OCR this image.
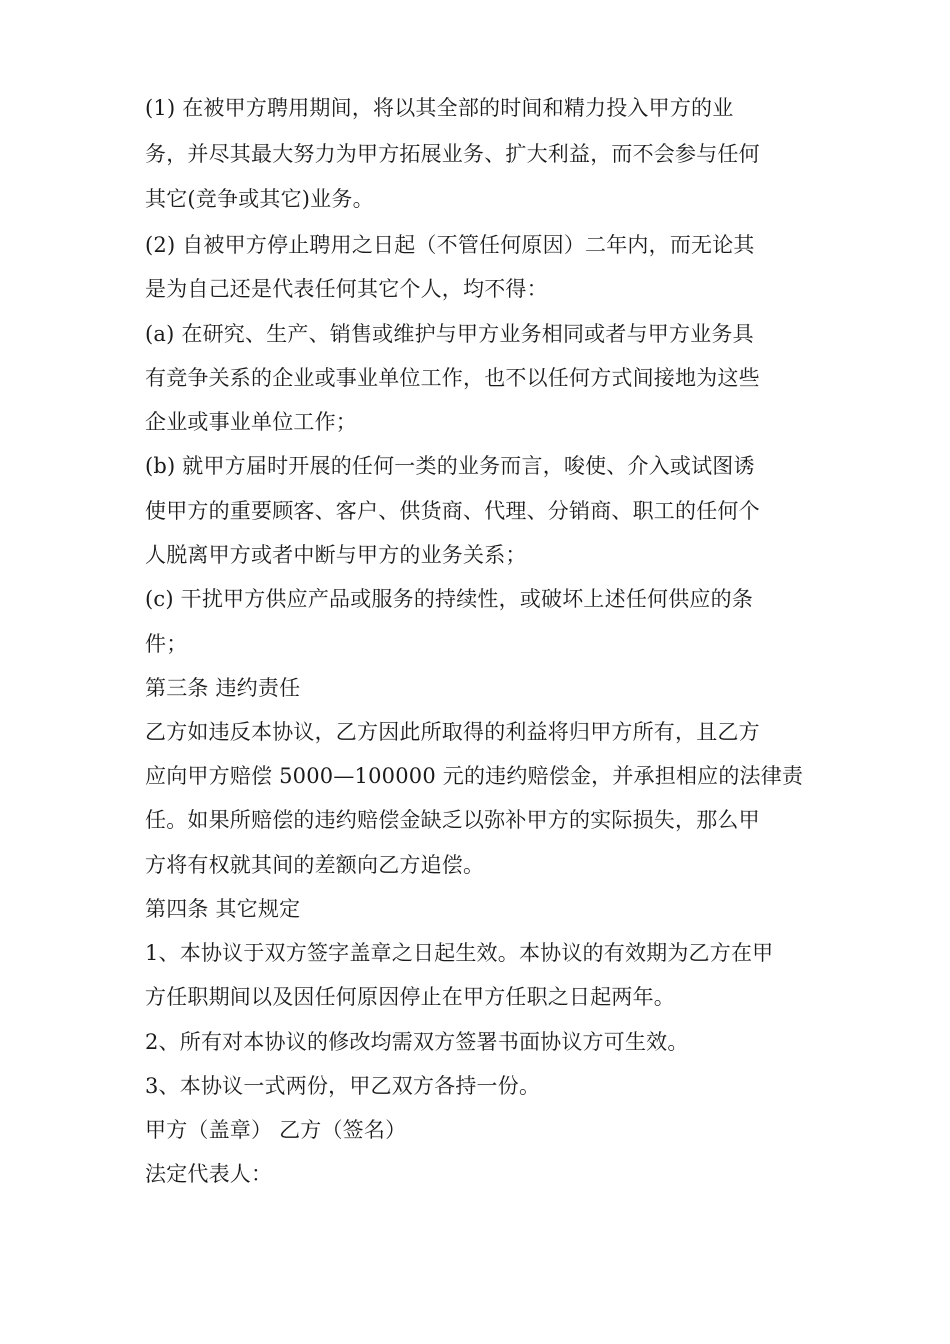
(1) 在被甲方聘用期间，将以其全部的时间和精力投入甲方的业
务，并尽其最大努力为甲方拓展业务、扩大利益，而不会参与任何
其它(竞争或其它)业务。
(2) 自被甲方停止聘用之日起（不管任何原因）二年内，而无论其
是为自己还是代表任何其它个人，均不得：
(a) 在研究、生产、销售或维护与甲方业务相同或者与甲方业务具
有竞争关系的企业或事业单位工作，也不以任何方式间接地为这些
企业或事业单位工作；
(b) 就甲方届时开展的任何一类的业务而言，唆使、介入或试图诱
使甲方的重要顾客、客户、供货商、代理、分销商、职工的任何个
人脱离甲方或者中断与甲方的业务关系；
(c) 干扰甲方供应产品或服务的持续性，或破坏上述任何供应的条
件；
第三条 违约责任
乙方如违反本协议，乙方因此所取得的利益将归甲方所有，且乙方
应向甲方赔偿 5000—100000 元的违约赔偿金，并承担相应的法律责
任。如果所赔偿的违约赔偿金缺乏以弥补甲方的实际损失，那么甲
方将有权就其间的差额向乙方追偿。
第四条 其它规定
1、本协议于双方签字盖章之日起生效。本协议的有效期为乙方在甲
方任职期间以及因任何原因停止在甲方任职之日起两年。
2、所有对本协议的修改均需双方签署书面协议方可生效。
3、本协议一式两份，甲乙双方各持一份。
甲方（盖章） 乙方（签名）
法定代表人：
